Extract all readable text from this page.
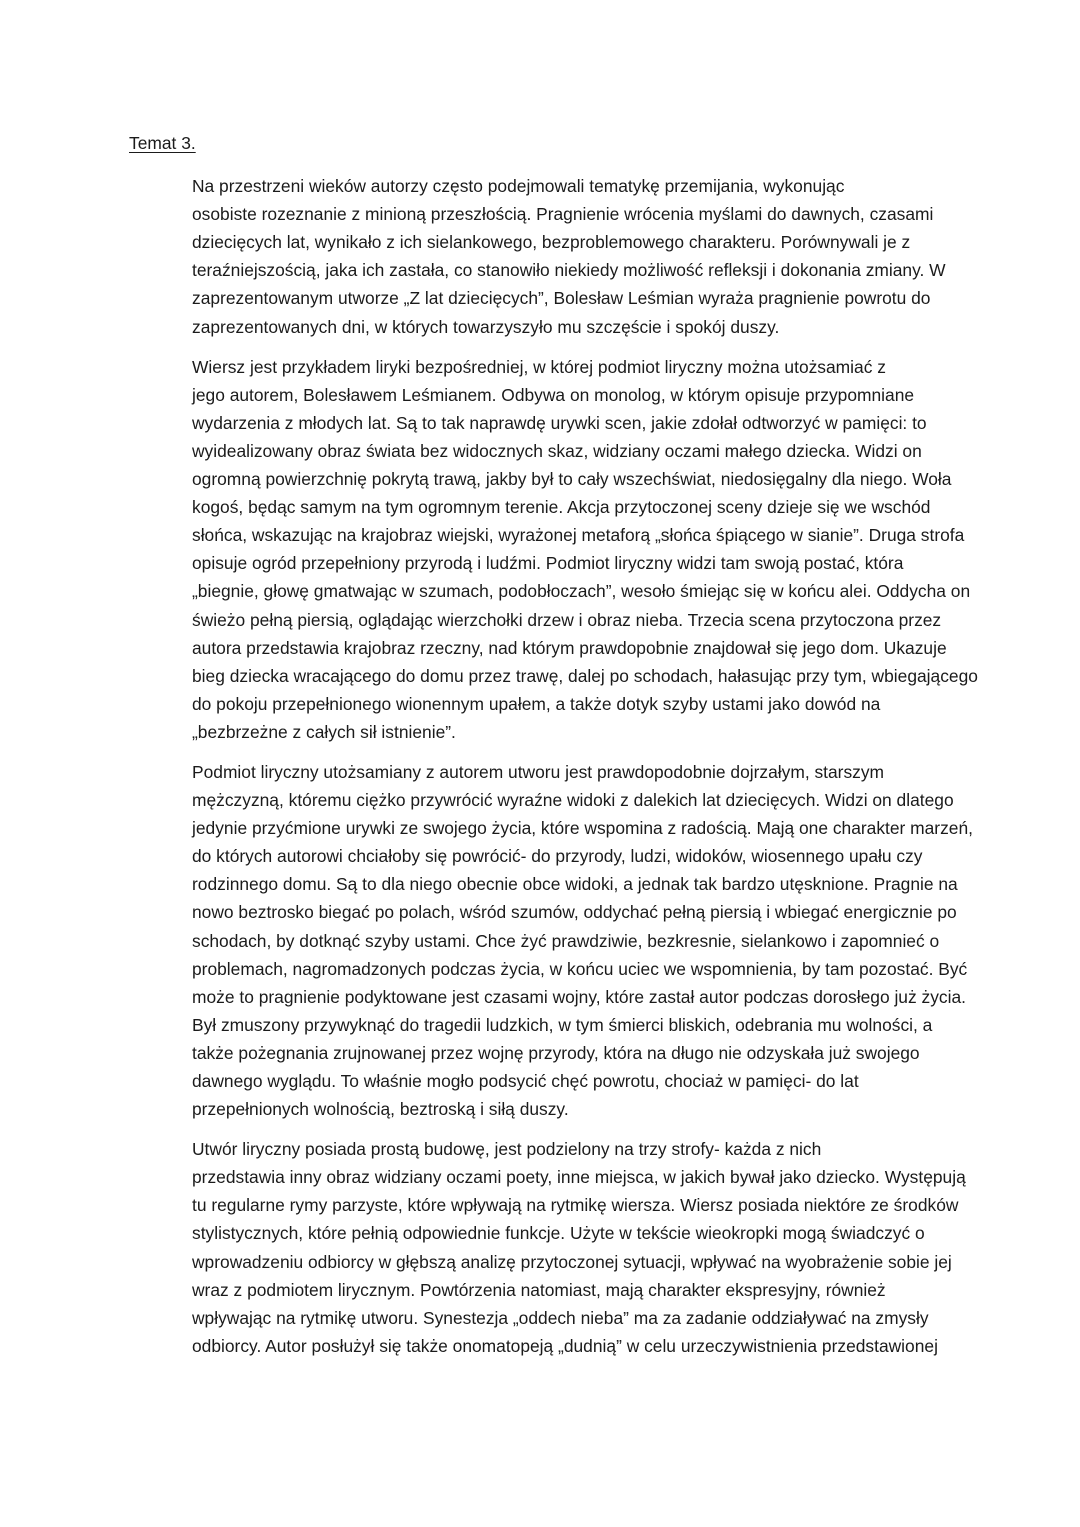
Temat 3.
Na przestrzeni wieków autorzy często podejmowali tematykę przemijania, wykonując
osobiste rozeznanie z minioną przeszłością. Pragnienie wrócenia myślami do dawnych, czasami
dziecięcych lat, wynikało z ich sielankowego, bezproblemowego charakteru. Porównywali je z
teraźniejszością, jaka ich zastała, co stanowiło niekiedy możliwość refleksji i dokonania zmiany. W
zaprezentowanym utworze „Z lat dziecięcych”, Bolesław Leśmian wyraża pragnienie powrotu do
zaprezentowanych dni, w których towarzyszyło mu szczęście i spokój duszy.
Wiersz jest przykładem liryki bezpośredniej, w której podmiot liryczny można utożsamiać z
jego autorem, Bolesławem Leśmianem. Odbywa on monolog, w którym opisuje przypomniane
wydarzenia z młodych lat. Są to tak naprawdę urywki scen, jakie zdołał odtworzyć w pamięci: to
wyidealizowany obraz świata bez widocznych skaz, widziany oczami małego dziecka. Widzi on
ogromną powierzchnię pokrytą trawą, jakby był to cały wszechświat, niedosięgalny dla niego. Woła
kogoś, będąc samym na tym ogromnym terenie. Akcja przytoczonej sceny dzieje się we wschód
słońca, wskazując na krajobraz wiejski, wyrażonej metaforą „słońca śpiącego w sianie”. Druga strofa
opisuje ogród przepełniony przyrodą i ludźmi. Podmiot liryczny widzi tam swoją postać, która
„biegnie, głowę gmatwając w szumach, podobłoczach”, wesoło śmiejąc się w końcu alei. Oddycha on
świeżo pełną piersią, oglądając wierzchołki drzew i obraz nieba. Trzecia scena przytoczona przez
autora przedstawia krajobraz rzeczny, nad którym prawdopobnie znajdował się jego dom. Ukazuje
bieg dziecka wracającego do domu przez trawę, dalej po schodach, hałasując przy tym, wbiegającego
do pokoju przepełnionego wionennym upałem, a także dotyk szyby ustami jako dowód na
„bezbrzeżne z całych sił istnienie”.
Podmiot liryczny utożsamiany z autorem utworu jest prawdopodobnie dojrzałym, starszym
mężczyzną, któremu ciężko przywrócić wyraźne widoki z dalekich lat dziecięcych. Widzi on dlatego
jedynie przyćmione urywki ze swojego życia, które wspomina z radością. Mają one charakter marzeń,
do których autorowi chciałoby się powrócić- do przyrody, ludzi, widoków, wiosennego upału czy
rodzinnego domu. Są to dla niego obecnie obce widoki, a jednak tak bardzo utęsknione. Pragnie na
nowo beztrosko biegać po polach, wśród szumów, oddychać pełną piersią i wbiegać energicznie po
schodach, by dotknąć szyby ustami. Chce żyć prawdziwie, bezkresnie, sielankowo i zapomnieć o
problemach, nagromadzonych podczas życia, w końcu uciec we wspomnienia, by tam pozostać. Być
może to pragnienie podyktowane jest czasami wojny, które zastał autor podczas dorosłego już życia.
Był zmuszony przywyknąć do tragedii ludzkich, w tym śmierci bliskich, odebrania mu wolności, a
także pożegnania zrujnowanej przez wojnę przyrody, która na długo nie odzyskała już swojego
dawnego wyglądu. To właśnie mogło podsycić chęć powrotu, chociaż w pamięci- do lat
przepełnionych wolnością, beztroską i siłą duszy.
Utwór liryczny posiada prostą budowę, jest podzielony na trzy strofy- każda z nich
przedstawia inny obraz widziany oczami poety, inne miejsca, w jakich bywał jako dziecko. Występują
tu regularne rymy parzyste, które wpływają na rytmikę wiersza. Wiersz posiada niektóre ze środków
stylistycznych, które pełnią odpowiednie funkcje. Użyte w tekście wieokropki mogą świadczyć o
wprowadzeniu odbiorcy w głębszą analizę przytoczonej sytuacji, wpływać na wyobrażenie sobie jej
wraz z podmiotem lirycznym. Powtórzenia natomiast, mają charakter ekspresyjny, również
wpływając na rytmikę utworu. Synestezja „oddech nieba” ma za zadanie oddziaływać na zmysły
odbiorcy. Autor posłużył się także onomatopeją „dudnią” w celu urzeczywistnienia przedstawionej
